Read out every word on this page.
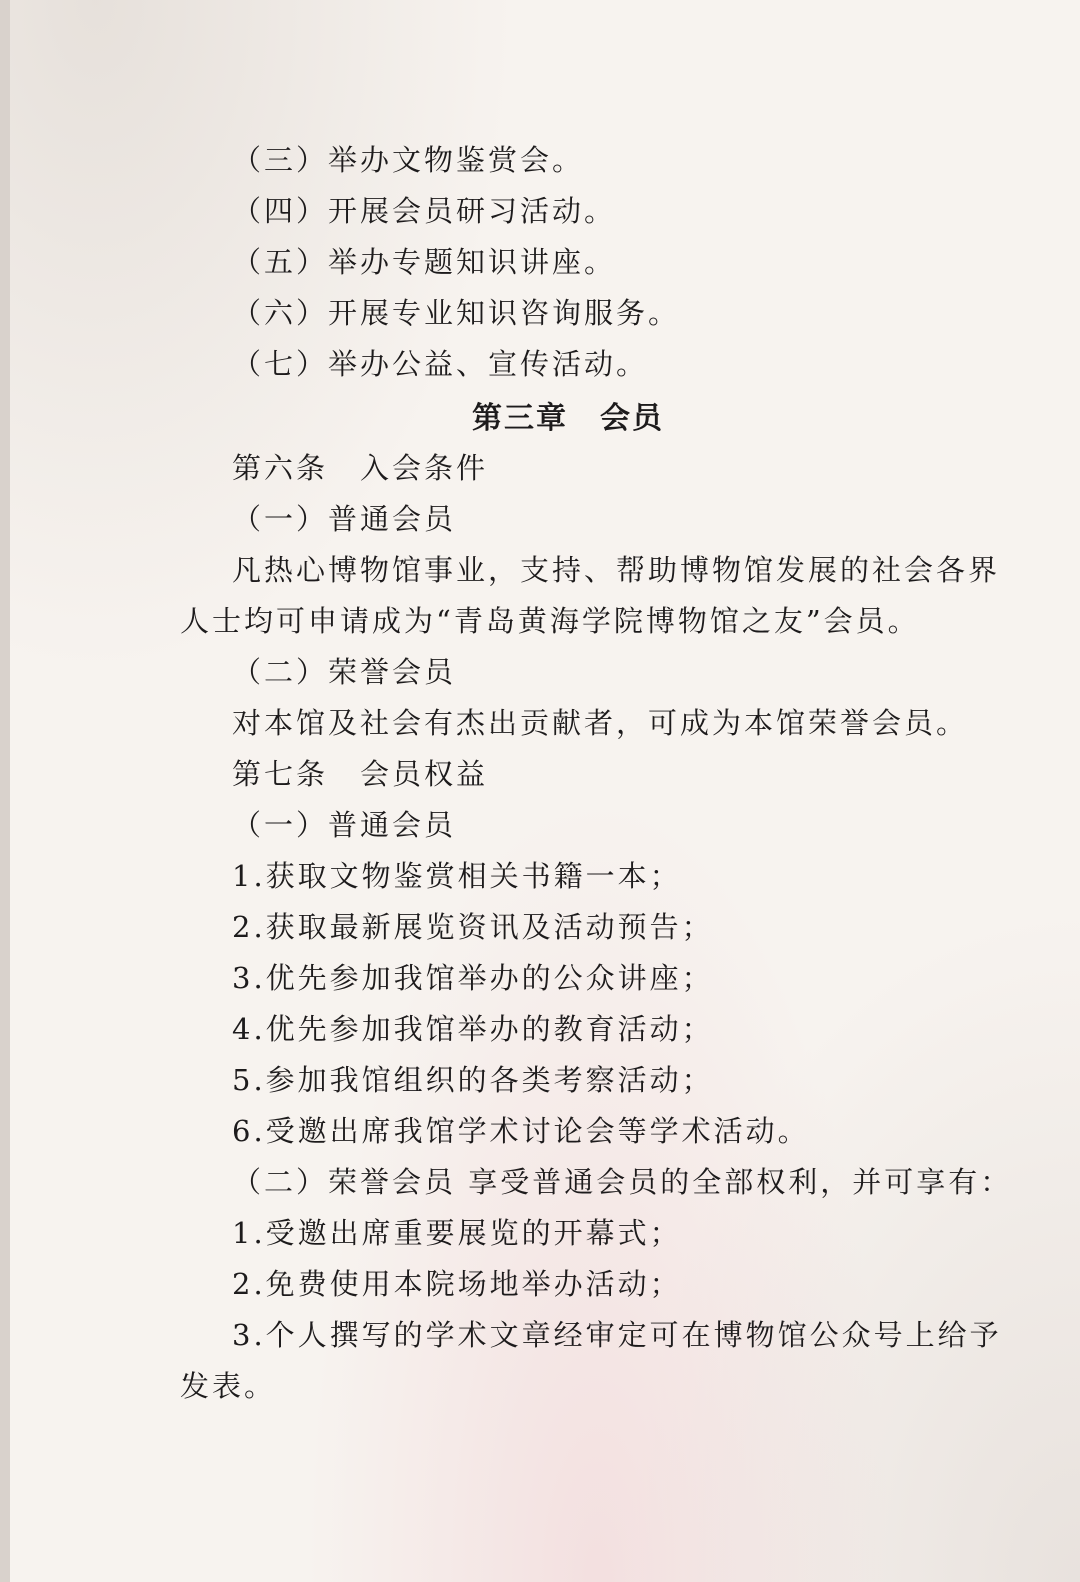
（三）举办文物鉴赏会。
（四）开展会员研习活动。
（五）举办专题知识讲座。
（六）开展专业知识咨询服务。
（七）举办公益、宣传活动。
第三章　会员
第六条　入会条件
（一）普通会员
凡热心博物馆事业，支持、帮助博物馆发展的社会各界
人士均可申请成为“青岛黄海学院博物馆之友”会员。
（二）荣誉会员
对本馆及社会有杰出贡献者，可成为本馆荣誉会员。
第七条　会员权益
（一）普通会员
1.获取文物鉴赏相关书籍一本；
2.获取最新展览资讯及活动预告；
3.优先参加我馆举办的公众讲座；
4.优先参加我馆举办的教育活动；
5.参加我馆组织的各类考察活动；
6.受邀出席我馆学术讨论会等学术活动。
（二）荣誉会员 享受普通会员的全部权利，并可享有：
1.受邀出席重要展览的开幕式；
2.免费使用本院场地举办活动；
3.个人撰写的学术文章经审定可在博物馆公众号上给予
发表。
